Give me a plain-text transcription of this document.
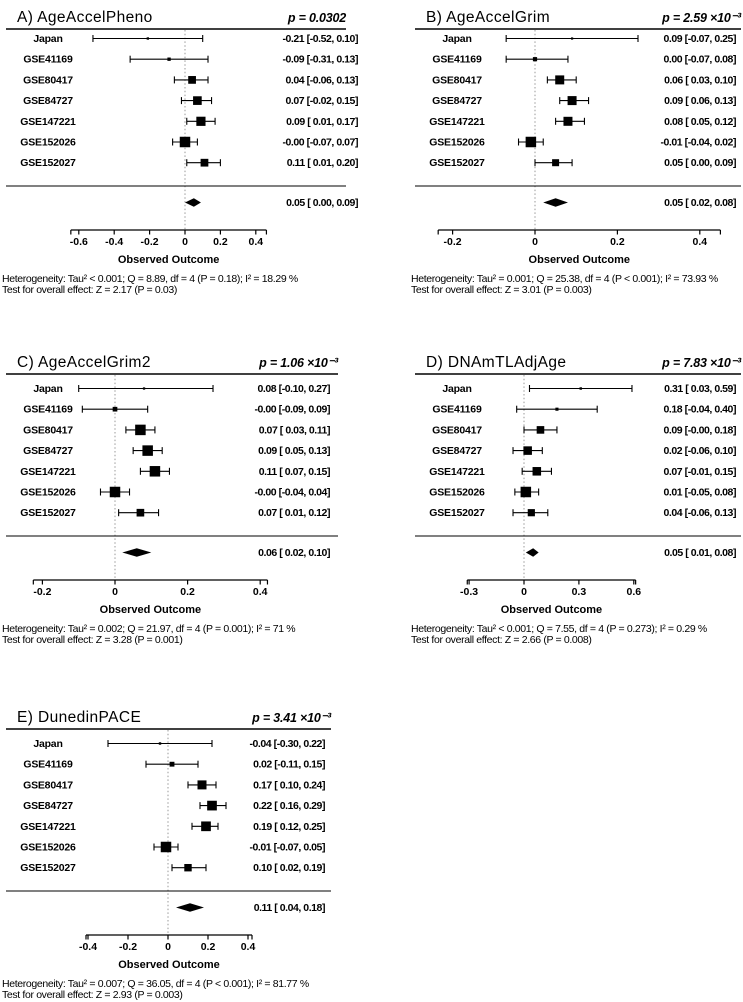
A) AgeAccelPheno	p = 0.0302
Japan	-0.21 [-0.52, 0.10]
GSE41169	-0.09 [-0.31, 0.13]
GSE80417	0.04 [-0.06, 0.13]
GSE84727	0.07 [-0.02, 0.15]
GSE147221	0.09 [ 0.01, 0.17]
GSE152026	-0.00 [-0.07, 0.07]
GSE152027	0.11 [ 0.01, 0.20]
0.05 [ 0.00, 0.09]
-0.6 -0.4 -0.2 0 0.2 0.4
Observed Outcome
Heterogeneity: Tau² < 0.001; Q = 8.89, df = 4 (P = 0.18); I² = 18.29 %
Test for overall effect: Z = 2.17 (P = 0.03)
B) AgeAccelGrim	p = 2.59 ×10⁻³
Japan	0.09 [-0.07, 0.25]
GSE41169	0.00 [-0.07, 0.08]
GSE80417	0.06 [ 0.03, 0.10]
GSE84727	0.09 [ 0.06, 0.13]
GSE147221	0.08 [ 0.05, 0.12]
GSE152026	-0.01 [-0.04, 0.02]
GSE152027	0.05 [ 0.00, 0.09]
0.05 [ 0.02, 0.08]
-0.2	0	0.2	0.4
Observed Outcome
Heterogeneity: Tau² = 0.001; Q = 25.38, df = 4 (P < 0.001); I² = 73.93 %
Test for overall effect: Z = 3.01 (P = 0.003)
C) AgeAccelGrim2	p = 1.06 ×10⁻³
Japan	0.08 [-0.10, 0.27]
GSE41169	-0.00 [-0.09, 0.09]
GSE80417	0.07 [ 0.03, 0.11]
GSE84727	0.09 [ 0.05, 0.13]
GSE147221	0.11 [ 0.07, 0.15]
GSE152026	-0.00 [-0.04, 0.04]
GSE152027	0.07 [ 0.01, 0.12]
0.06 [ 0.02, 0.10]
-0.2	0	0.2	0.4
Observed Outcome
Heterogeneity: Tau² = 0.002; Q = 21.97, df = 4 (P = 0.001); I² = 71 %
Test for overall effect: Z = 3.28 (P = 0.001)
D) DNAmTLAdjAge	p = 7.83 ×10⁻³
Japan	0.31 [ 0.03, 0.59]
GSE41169	0.18 [-0.04, 0.40]
GSE80417	0.09 [-0.00, 0.18]
GSE84727	0.02 [-0.06, 0.10]
GSE147221	0.07 [-0.01, 0.15]
GSE152026	0.01 [-0.05, 0.08]
GSE152027	0.04 [-0.06, 0.13]
0.05 [ 0.01, 0.08]
-0.3	0	0.3	0.6
Observed Outcome
Heterogeneity: Tau² < 0.001; Q = 7.55, df = 4 (P = 0.273); I² = 0.29 %
Test for overall effect: Z = 2.66 (P = 0.008)
E) DunedinPACE	p = 3.41 ×10⁻³
Japan	-0.04 [-0.30, 0.22]
GSE41169	0.02 [-0.11, 0.15]
GSE80417	0.17 [ 0.10, 0.24]
GSE84727	0.22 [ 0.16, 0.29]
GSE147221	0.19 [ 0.12, 0.25]
GSE152026	-0.01 [-0.07, 0.05]
GSE152027	0.10 [ 0.02, 0.19]
0.11 [ 0.04, 0.18]
-0.4 -0.2	0	0.2 0.4
Observed Outcome
Heterogeneity: Tau² = 0.007; Q = 36.05, df = 4 (P < 0.001); I² = 81.77 %
Test for overall effect: Z = 2.93 (P = 0.003)
